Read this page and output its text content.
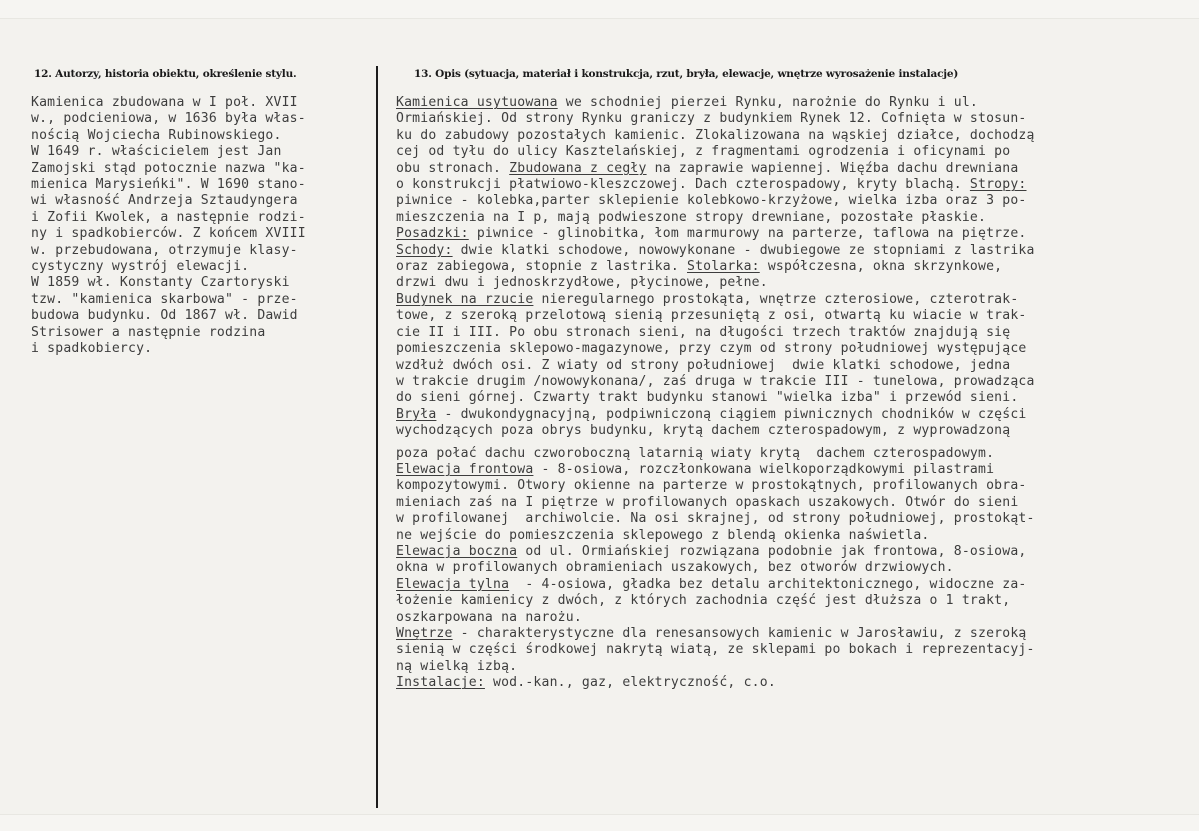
12. Autorzy, historia obiektu, określenie stylu.	13. Opis (sytuacja, materiał i konstrukcja, rzut, bryła, elewacje, wnętrze wyrosażenie instalacje)
Kamienica zbudowana w I poł. XVII
w., podcieniowa, w 1636 była włas-
nością Wojciecha Rubinowskiego.
W 1649 r. właścicielem jest Jan
Zamojski stąd potocznie nazwa "ka-
mienica Marysieńki". W 1690 stano-
wi własność Andrzeja Sztaudyngera
i Zofii Kwolek, a następnie rodzi-
ny i spadkobierców. Z końcem XVIII
w. przebudowana, otrzymuje klasy-
cystyczny wystrój elewacji.
W 1859 wł. Konstanty Czartoryski
tzw. "kamienica skarbowa" - prze-
budowa budynku. Od 1867 wł. Dawid
Strisower a następnie rodzina
i spadkobiercy.
Kamienica usytuowana we schodniej pierzei Rynku, narożnie do Rynku i ul.
Ormiańskiej. Od strony Rynku graniczy z budynkiem Rynek 12. Cofnięta w stosun-
ku do zabudowy pozostałych kamienic. Zlokalizowana na wąskiej działce, dochodzą
cej od tyłu do ulicy Kasztelańskiej, z fragmentami ogrodzenia i oficynami po
obu stronach. Zbudowana z cegły na zaprawie wapiennej. Więźba dachu drewniana
o konstrukcji płatwiowo-kleszczowej. Dach czterospadowy, kryty blachą. Stropy:
piwnice - kolebka,parter sklepienie kolebkowo-krzyżowe, wielka izba oraz 3 po-
mieszczenia na I p, mają podwieszone stropy drewniane, pozostałe płaskie.
Posadzki: piwnice - glinobitka, łom marmurowy na parterze, taflowa na piętrze.
Schody: dwie klatki schodowe, nowowykonane - dwubiegowe ze stopniami z lastrika
oraz zabiegowa, stopnie z lastrika. Stolarka: współczesna, okna skrzynkowe,
drzwi dwu i jednoskrzydłowe, płycinowe, pełne.
Budynek na rzucie nieregularnego prostokąta, wnętrze czterosiowe, czterotrak-
towe, z szeroką przelotową sienią przesuniętą z osi, otwartą ku wiacie w trak-
cie II i III. Po obu stronach sieni, na długości trzech traktów znajdują się
pomieszczenia sklepowo-magazynowe, przy czym od strony południowej występujące
wzdłuż dwóch osi. Z wiaty od strony południowej  dwie klatki schodowe, jedna
w trakcie drugim /nowowykonana/, zaś druga w trakcie III - tunelowa, prowadząca
do sieni górnej. Czwarty trakt budynku stanowi "wielka izba" i przewód sieni.
Bryła - dwukondygnacyjną, podpiwniczoną ciągiem piwnicznych chodników w części
wychodzących poza obrys budynku, krytą dachem czterospadowym, z wyprowadzoną
poza połać dachu czworoboczną latarnią wiaty krytą  dachem czterospadowym.
Elewacja frontowa - 8-osiowa, rozczłonkowana wielkoporządkowymi pilastrami
kompozytowymi. Otwory okienne na parterze w prostokątnych, profilowanych obra-
mieniach zaś na I piętrze w profilowanych opaskach uszakowych. Otwór do sieni
w profilowanej  archiwolcie. Na osi skrajnej, od strony południowej, prostokąt-
ne wejście do pomieszczenia sklepowego z blendą okienka naświetla.
Elewacja boczna od ul. Ormiańskiej rozwiązana podobnie jak frontowa, 8-osiowa,
okna w profilowanych obramieniach uszakowych, bez otworów drzwiowych.
Elewacja tylna  - 4-osiowa, gładka bez detalu architektonicznego, widoczne za-
łożenie kamienicy z dwóch, z których zachodnia część jest dłuższa o 1 trakt,
oszkarpowana na narożu.
Wnętrze - charakterystyczne dla renesansowych kamienic w Jarosławiu, z szeroką
sienią w części środkowej nakrytą wiatą, ze sklepami po bokach i reprezentacyj-
ną wielką izbą.
Instalacje: wod.-kan., gaz, elektryczność, c.o.
